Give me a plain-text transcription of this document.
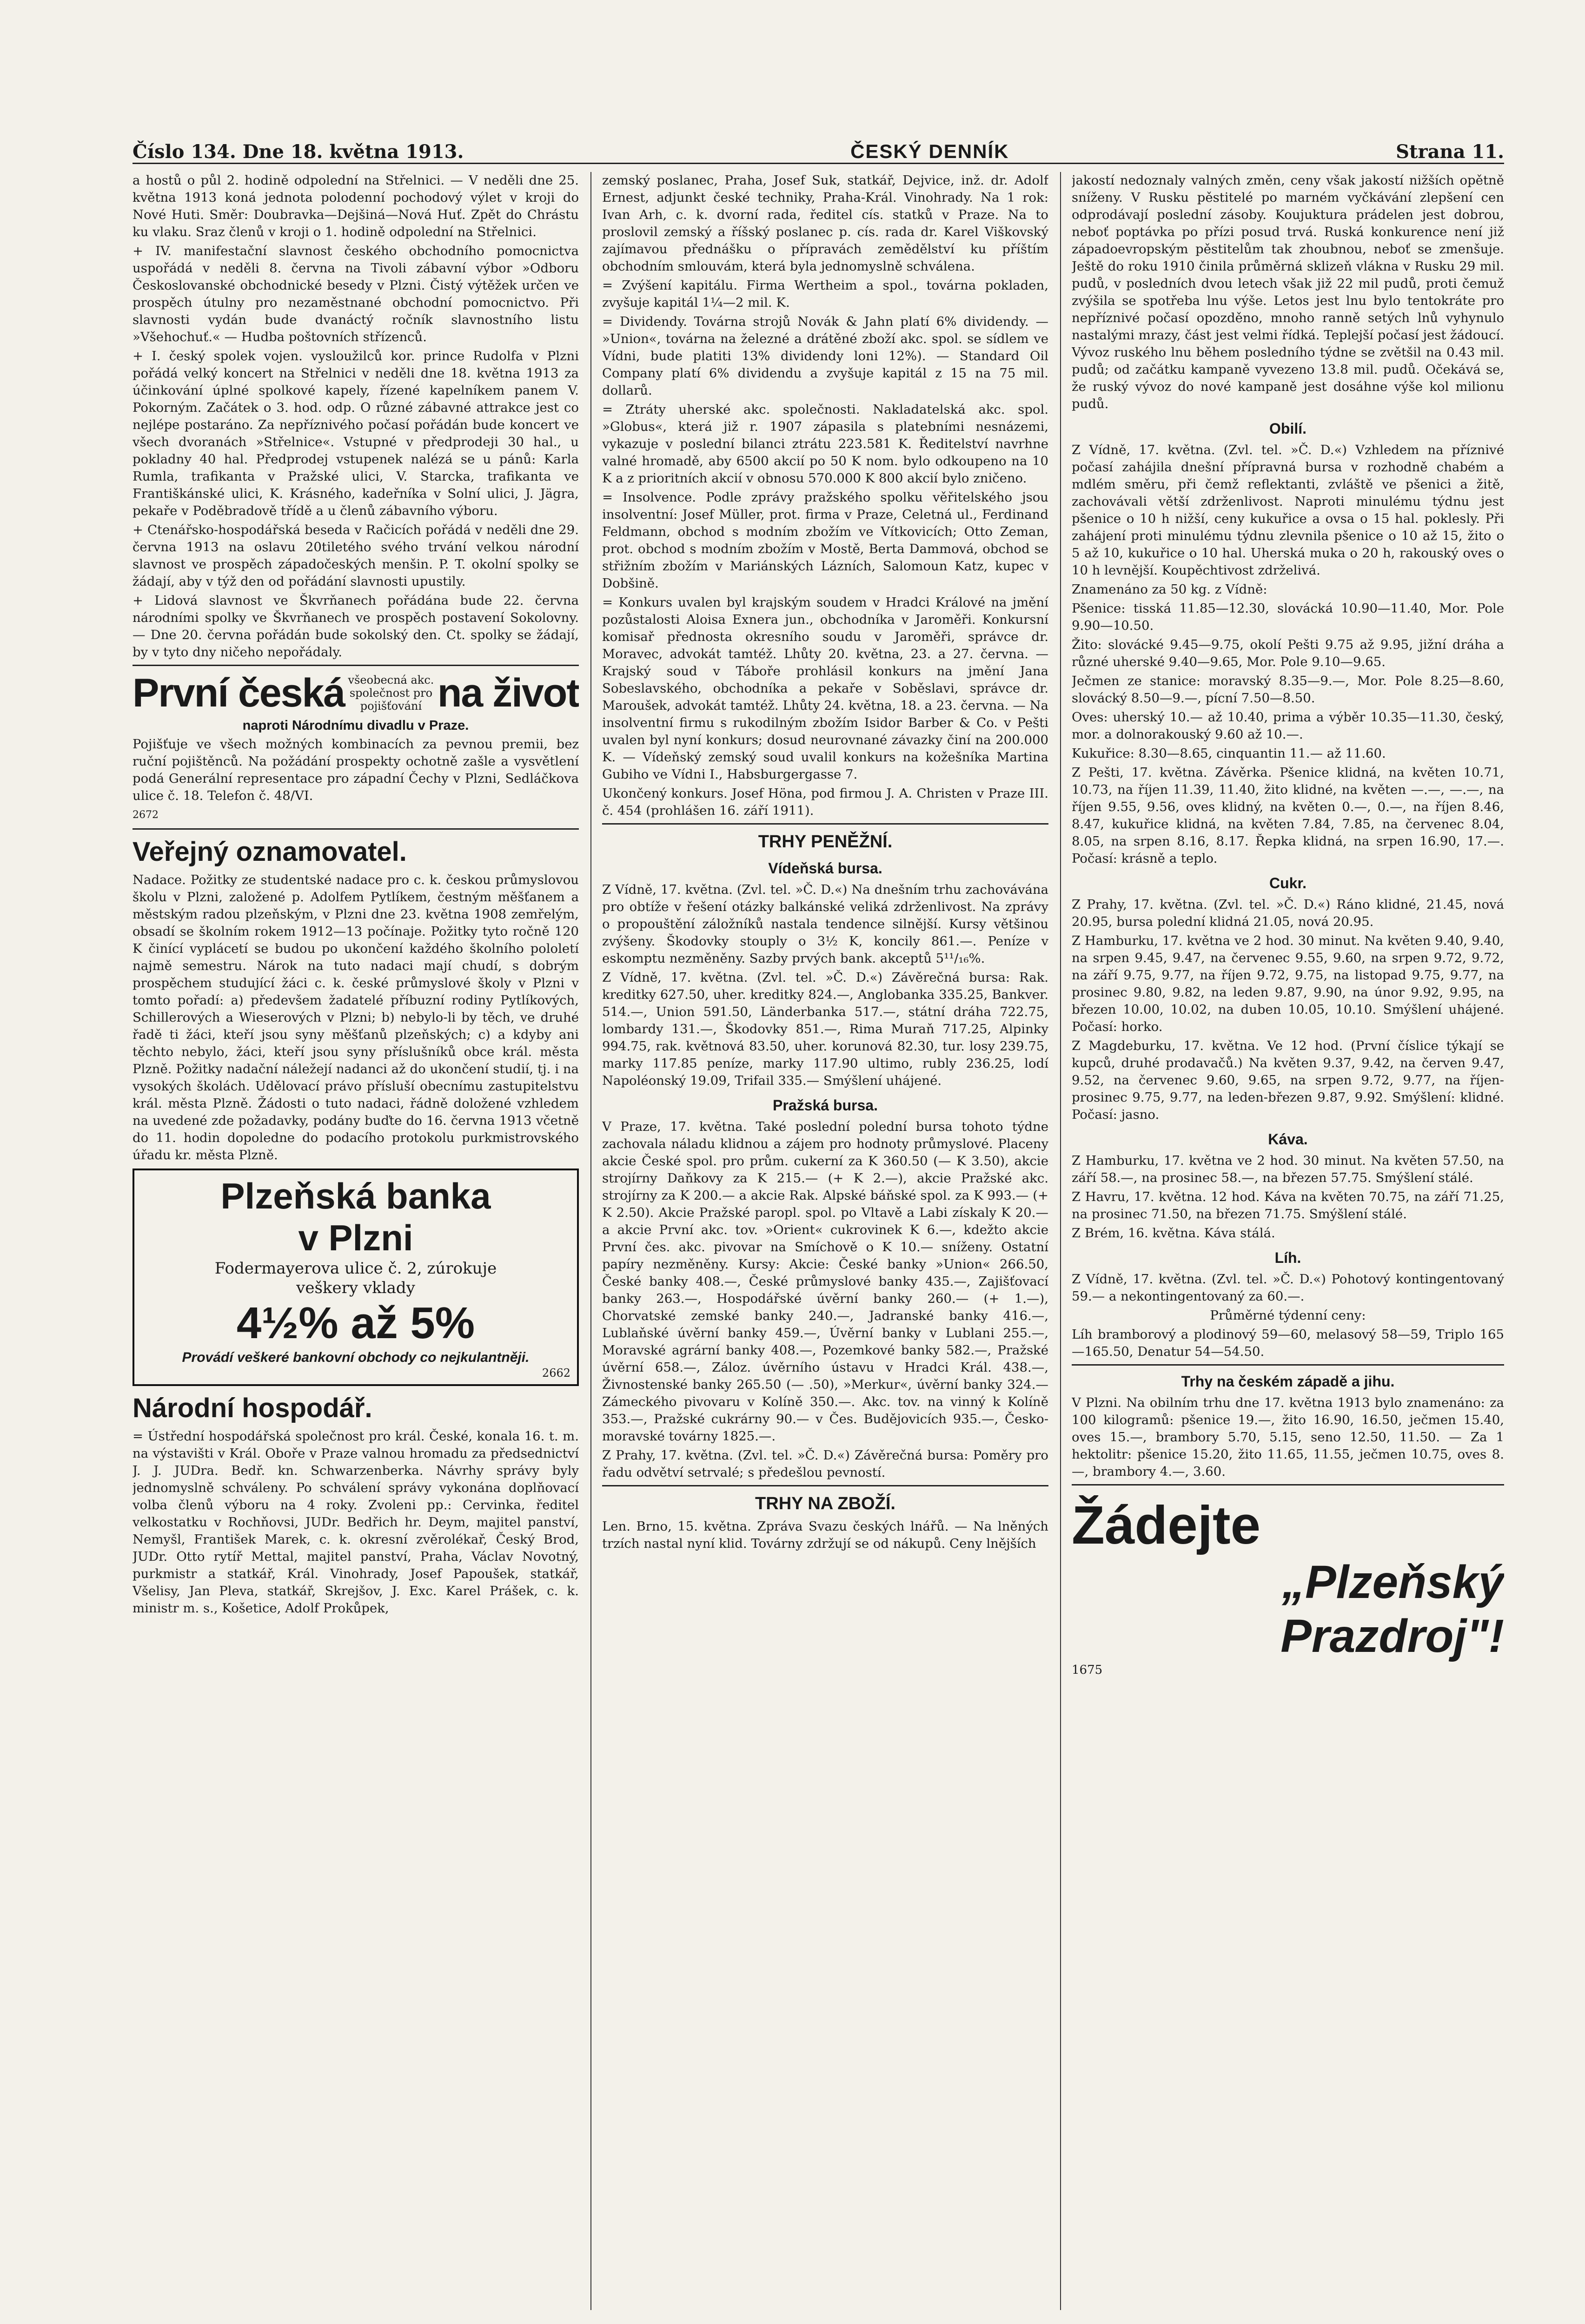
Číslo 134. Dne 18. května 1913.	ČESKÝ DENNÍK	Strana 11.

a hostů o půl 2. hodině odpolední na Střelnici. — V neděli dne 25. května 1913 koná jednota polodenní pochodový výlet v kroji do Nové Huti. Směr: Doubravka—Dejšiná—Nová Huť. Zpět do Chrástu ku vlaku. Sraz členů v kroji o 1. hodině odpolední na Střelnici.

+ IV. manifestační slavnost českého obchodního pomocnictva uspořádá v neděli 8. června na Tivoli zábavní výbor »Odboru Českoslovanské obchodnické besedy v Plzni. Čistý výtěžek určen ve prospěch útulny pro nezaměstnané obchodní pomocnictvo. Při slavnosti vydán bude dvanáctý ročník slavnostního listu »Všehochuť.« — Hudba poštovních střízenců.

+ I. český spolek vojen. vysloužilců kor. prince Rudolfa v Plzni pořádá velký koncert na Střelnici v neděli dne 18. května 1913 za účinkování úplné spolkové kapely, řízené kapelníkem panem V. Pokorným. Začátek o 3. hod. odp. O různé zábavné attrakce jest co nejlépe postaráno. Za nepříznivého počasí pořádán bude koncert ve všech dvoranách »Střelnice«. Vstupné v předprodeji 30 hal., u pokladny 40 hal. Předprodej vstupenek nalézá se u pánů: Karla Rumla, trafikanta v Pražské ulici, V. Starcka, trafikanta ve Františkánské ulici, K. Krásného, kadeřníka v Solní ulici, J. Jägra, pekaře v Poděbradově třídě a u členů zábavního výboru.

+ Ctenářsko-hospodářská beseda v Račicích pořádá v neděli dne 29. června 1913 na oslavu 20tiletého svého trvání velkou národní slavnost ve prospěch západočeských menšin. P. T. okolní spolky se žádají, aby v týž den od pořádání slavnosti upustily.

+ Lidová slavnost ve Škvrňanech pořádána bude 22. června národními spolky ve Škvrňanech ve prospěch postavení Sokolovny. — Dne 20. června pořádán bude sokolský den. Ct. spolky se žádají, by v tyto dny ničeho nepořádaly.

První česká všeobecná akc.
společnost pro
pojišťování na život

naproti Národnímu divadlu v Praze.

Pojišťuje ve všech možných kombinacích za pevnou premii, bez ruční pojištěnců. Na požádání prospekty ochotně zašle a vysvětlení podá Generální representace pro západní Čechy v Plzni, Sedláčkova ulice č. 18. Telefon č. 48/VI.

2672

Veřejný oznamovatel.

Nadace. Požitky ze studentské nadace pro c. k. českou průmyslovou školu v Plzni, založené p. Adolfem Pytlíkem, čestným měšťanem a městským radou plzeňským, v Plzni dne 23. května 1908 zemřelým, obsadí se školním rokem 1912—13 počínaje. Požitky tyto ročně 120 K činící vyplácetí se budou po ukončení každého školního pololetí najmě semestru. Nárok na tuto nadaci mají chudí, s dobrým prospěchem studující žáci c. k. české průmyslové školy v Plzni v tomto pořadí: a) předevšem žadatelé příbuzní rodiny Pytlíkových, Schillerových a Wieserových v Plzni; b) nebylo-li by těch, ve druhé řadě ti žáci, kteří jsou syny měšťanů plzeňských; c) a kdyby ani těchto nebylo, žáci, kteří jsou syny příslušníků obce král. města Plzně. Požitky nadační náležejí nadanci až do ukončení studií, tj. i na vysokých školách. Udělovací právo přísluší obecnímu zastupitelstvu král. města Plzně. Žádosti o tuto nadaci, řádně doložené vzhledem na uvedené zde požadavky, podány buďte do 16. června 1913 včetně do 11. hodin dopoledne do podacího protokolu purkmistrovského úřadu kr. města Plzně.

Plzeňská banka
v Plzni
Fodermayerova ulice č. 2, zúrokuje
veškery vklady
4½% až 5%
Provádí veškeré bankovní obchody co nejkulantněji.
2662
Národní hospodář.

= Ústřední hospodářská společnost pro král. České, konala 16. t. m. na výstavišti v Král. Oboře v Praze valnou hromadu za předsednictví J. J. JUDra. Bedř. kn. Schwarzenberka. Návrhy správy byly jednomyslně schváleny. Po schválení správy vykonána doplňovací volba členů výboru na 4 roky. Zvoleni pp.: Cervinka, ředitel velkostatku v Rochňovsi, JUDr. Bedřich hr. Deym, majitel panství, Nemyšl, František Marek, c. k. okresní zvěrolékař, Český Brod, JUDr. Otto rytíř Mettal, majitel panství, Praha, Václav Novotný, purkmistr a statkář, Král. Vinohrady, Josef Papoušek, statkář, Všelisy, Jan Pleva, statkář, Skrejšov, J. Exc. Karel Prášek, c. k. ministr m. s., Košetice, Adolf Prokůpek,

zemský poslanec, Praha, Josef Suk, statkář, Dejvice, inž. dr. Adolf Ernest, adjunkt české techniky, Praha-Král. Vinohrady. Na 1 rok: Ivan Arh, c. k. dvorní rada, ředitel cís. statků v Praze. Na to proslovil zemský a říšský poslanec p. cís. rada dr. Karel Viškovský zajímavou přednášku o přípravách zemědělství ku příštím obchodním smlouvám, která byla jednomyslně schválena.

= Zvýšení kapitálu. Firma Wertheim a spol., továrna pokladen, zvyšuje kapitál 1¼—2 mil. K.

= Dividendy. Továrna strojů Novák & Jahn platí 6% dividendy. — »Union«, továrna na železné a drátěné zboží akc. spol. se sídlem ve Vídni, bude platiti 13% dividendy loni 12%). — Standard Oil Company platí 6% dividendu a zvyšuje kapitál z 15 na 75 mil. dollarů.

= Ztráty uherské akc. společnosti. Nakladatelská akc. spol. »Globus«, která již r. 1907 zápasila s platebními nesnázemi, vykazuje v poslední bilanci ztrátu 223.581 K. Ředitelství navrhne valné hromadě, aby 6500 akcií po 50 K nom. bylo odkoupeno na 10 K a z prioritních akcií v obnosu 570.000 K 800 akcií bylo zničeno.

= Insolvence. Podle zprávy pražského spolku věřitelského jsou insolventní: Josef Müller, prot. firma v Praze, Celetná ul., Ferdinand Feldmann, obchod s modním zbožím ve Vítkovicích; Otto Zeman, prot. obchod s modním zbožím v Mostě, Berta Dammová, obchod se střižním zbožím v Mariánských Lázních, Salomoun Katz, kupec v Dobšině.

= Konkurs uvalen byl krajským soudem v Hradci Králové na jmění pozůstalosti Aloisa Exnera jun., obchodníka v Jaroměři. Konkursní komisař přednosta okresního soudu v Jaroměři, správce dr. Moravec, advokát tamtéž. Lhůty 20. května, 23. a 27. června. — Krajský soud v Táboře prohlásil konkurs na jmění Jana Sobeslavského, obchodníka a pekaře v Soběslavi, správce dr. Maroušek, advokát tamtéž. Lhůty 24. května, 18. a 23. června. — Na insolventní firmu s rukodilným zbožím Isidor Barber & Co. v Pešti uvalen byl nyní konkurs; dosud neurovnané závazky činí na 200.000 K. — Vídeňský zemský soud uvalil konkurs na kožešníka Martina Gubiho ve Vídni I., Habsburgergasse 7.

Ukončený konkurs. Josef Höna, pod firmou J. A. Christen v Praze III. č. 454 (prohlášen 16. září 1911).

TRHY PENĚŽNÍ.
Vídeňská bursa.

Z Vídně, 17. května. (Zvl. tel. »Č. D.«) Na dnešním trhu zachovávána pro obtíže v řešení otázky balkánské veliká zdrženlivost. Na zprávy o propouštění záložníků nastala tendence silnější. Kursy většinou zvýšeny. Škodovky stouply o 3½ K, koncily 861.—. Peníze v eskomptu nezměněny. Sazby prvých bank. akceptů 5¹¹/₁₆%.

Z Vídně, 17. května. (Zvl. tel. »Č. D.«) Závěrečná bursa: Rak. kreditky 627.50, uher. kreditky 824.—, Anglobanka 335.25, Bankver. 514.—, Union 591.50, Länderbanka 517.—, státní dráha 722.75, lombardy 131.—, Škodovky 851.—, Rima Muraň 717.25, Alpinky 994.75, rak. květnová 83.50, uher. korunová 82.30, tur. losy 239.75, marky 117.85 peníze, marky 117.90 ultimo, rubly 236.25, lodí Napoléonský 19.09, Trifail 335.— Smýšlení uhájené.

Pražská bursa.

V Praze, 17. května. Také poslední polední bursa tohoto týdne zachovala náladu klidnou a zájem pro hodnoty průmyslové. Placeny akcie České spol. pro prům. cukerní za K 360.50 (— K 3.50), akcie strojírny Daňkovy za K 215.— (+ K 2.—), akcie Pražské akc. strojírny za K 200.— a akcie Rak. Alpské báňské spol. za K 993.— (+ K 2.50). Akcie Pražské paropl. spol. po Vltavě a Labi získaly K 20.— a akcie První akc. tov. »Orient« cukrovinek K 6.—, kdežto akcie První čes. akc. pivovar na Smíchově o K 10.— sníženy. Ostatní papíry nezměněny. Kursy: Akcie: České banky »Union« 266.50, České banky 408.—, České průmyslové banky 435.—, Zajišťovací banky 263.—, Hospodářské úvěrní banky 260.— (+ 1.—), Chorvatské zemské banky 240.—, Jadranské banky 416.—, Lublaňské úvěrní banky 459.—, Úvěrní banky v Lublani 255.—, Moravské agrární banky 408.—, Pozemkové banky 582.—, Pražské úvěrní 658.—, Záloz. úvěrního ústavu v Hradci Král. 438.—, Živnostenské banky 265.50 (— .50), »Merkur«, úvěrní banky 324.— Zámeckého pivovaru v Kolíně 350.—. Akc. tov. na vinný k Kolíně 353.—, Pražské cukrárny 90.— v Čes. Budějovicích 935.—, Česko-moravské továrny 1825.—.

Z Prahy, 17. května. (Zvl. tel. »Č. D.«) Závěrečná bursa: Poměry pro řadu odvětví setrvalé; s předešlou pevností.

TRHY NA ZBOŽÍ.

Len. Brno, 15. května. Zpráva Svazu českých lnářů. — Na lněných trzích nastal nyní klid. Továrny zdržují se od nákupů. Ceny lnějších

jakostí nedoznaly valných změn, ceny však jakostí nižších opětně sníženy. V Rusku pěstitelé po marném vyčkávání zlepšení cen odprodávají poslední zásoby. Koujuktura prádelen jest dobrou, neboť poptávka po přízi posud trvá. Ruská konkurence není již západoevropským pěstitelům tak zhoubnou, neboť se zmenšuje. Ještě do roku 1910 činila průměrná sklizeň vlákna v Rusku 29 mil. pudů, v posledních dvou letech však již 22 mil pudů, proti čemuž zvýšila se spotřeba lnu výše. Letos jest lnu bylo tentokráte pro nepříznivé počasí opozděno, mnoho ranně setých lnů vyhynulo nastalými mrazy, část jest velmi řídká. Teplejší počasí jest žádoucí. Vývoz ruského lnu během posledního týdne se zvětšil na 0.43 mil. pudů; od začátku kampaně vyvezeno 13.8 mil. pudů. Očekává se, že ruský vývoz do nové kampaně jest dosáhne výše kol milionu pudů.

Obilí.

Z Vídně, 17. května. (Zvl. tel. »Č. D.«) Vzhledem na příznivé počasí zahájila dnešní přípravná bursa v rozhodně chabém a mdlém směru, při čemž reflektanti, zvláště ve pšenici a žitě, zachovávali větší zdrženlivost. Naproti minulému týdnu jest pšenice o 10 h nižší, ceny kukuřice a ovsa o 15 hal. poklesly. Při zahájení proti minulému týdnu zlevnila pšenice o 10 až 15, žito o 5 až 10, kukuřice o 10 hal. Uherská muka o 20 h, rakouský oves o 10 h levnější. Koupěchtivost zdrželivá.

Znamenáno za 50 kg. z Vídně:

Pšenice: tisská 11.85—12.30, slovácká 10.90—11.40, Mor. Pole 9.90—10.50.

Žito: slovácké 9.45—9.75, okolí Pešti 9.75 až 9.95, jižní dráha a různé uherské 9.40—9.65, Mor. Pole 9.10—9.65.

Ječmen ze stanice: moravský 8.35—9.—, Mor. Pole 8.25—8.60, slovácký 8.50—9.—, pícní 7.50—8.50.

Oves: uherský 10.— až 10.40, prima a výběr 10.35—11.30, český, mor. a dolnorakouský 9.60 až 10.—.

Kukuřice: 8.30—8.65, cinquantin 11.— až 11.60.

Z Pešti, 17. května. Závěrka. Pšenice klidná, na květen 10.71, 10.73, na říjen 11.39, 11.40, žito klidné, na květen —.—, —.—, na říjen 9.55, 9.56, oves klidný, na květen 0.—, 0.—, na říjen 8.46, 8.47, kukuřice klidná, na květen 7.84, 7.85, na červenec 8.04, 8.05, na srpen 8.16, 8.17. Řepka klidná, na srpen 16.90, 17.—. Počasí: krásně a teplo.

Cukr.

Z Prahy, 17. května. (Zvl. tel. »Č. D.«) Ráno klidné, 21.45, nová 20.95, bursa polední klidná 21.05, nová 20.95.

Z Hamburku, 17. května ve 2 hod. 30 minut. Na květen 9.40, 9.40, na srpen 9.45, 9.47, na červenec 9.55, 9.60, na srpen 9.72, 9.72, na září 9.75, 9.77, na říjen 9.72, 9.75, na listopad 9.75, 9.77, na prosinec 9.80, 9.82, na leden 9.87, 9.90, na únor 9.92, 9.95, na březen 10.00, 10.02, na duben 10.05, 10.10. Smýšlení uhájené. Počasí: horko.

Z Magdeburku, 17. května. Ve 12 hod. (První číslice týkají se kupců, druhé prodavačů.) Na květen 9.37, 9.42, na červen 9.47, 9.52, na červenec 9.60, 9.65, na srpen 9.72, 9.77, na říjen-prosinec 9.75, 9.77, na leden-březen 9.87, 9.92. Smýšlení: klidné. Počasí: jasno.

Káva.

Z Hamburku, 17. května ve 2 hod. 30 minut. Na květen 57.50, na září 58.—, na prosinec 58.—, na březen 57.75. Smýšlení stálé.

Z Havru, 17. května. 12 hod. Káva na květen 70.75, na září 71.25, na prosinec 71.50, na březen 71.75. Smýšlení stálé.

Z Brém, 16. května. Káva stálá.

Líh.

Z Vídně, 17. května. (Zvl. tel. »Č. D.«) Pohotový kontingentovaný 59.— a nekontingentovaný za 60.—.

Průměrné týdenní ceny:

Líh bramborový a plodinový 59—60, melasový 58—59, Triplo 165—165.50, Denatur 54—54.50.

Trhy na českém západě a jihu.

V Plzni. Na obilním trhu dne 17. května 1913 bylo znamenáno: za 100 kilogramů: pšenice 19.—, žito 16.90, 16.50, ječmen 15.40, oves 15.—, brambory 5.70, 5.15, seno 12.50, 11.50. — Za 1 hektolitr: pšenice 15.20, žito 11.65, 11.55, ječmen 10.75, oves 8.—, brambory 4.—, 3.60.

Žádejte
„Plzeňský
Prazdroj"!
1675
